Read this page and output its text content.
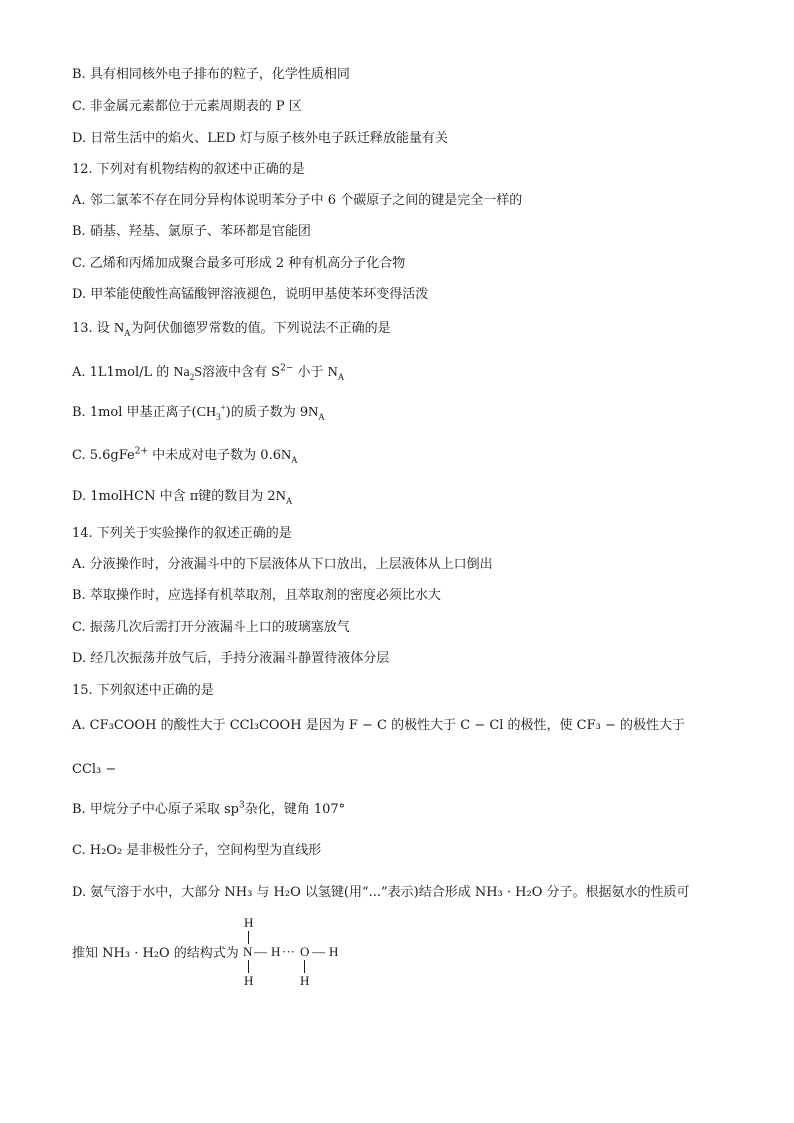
B. 具有相同核外电子排布的粒子，化学性质相同
C. 非金属元素都位于元素周期表的 P 区
D. 日常生活中的焰火、LED 灯与原子核外电子跃迁释放能量有关
12. 下列对有机物结构的叙述中正确的是
A. 邻二氯苯不存在同分异构体说明苯分子中 6 个碳原子之间的键是完全一样的
B. 硝基、羟基、氯原子、苯环都是官能团
C. 乙烯和丙烯加成聚合最多可形成 2 种有机高分子化合物
D. 甲苯能使酸性高锰酸钾溶液褪色，说明甲基使苯环变得活泼
13. 设 $N_A$为阿伏伽德罗常数的值。下列说法不正确的是
A. 1L1mol/L 的 $Na_2S$溶液中含有 $S^{2-}$ 小于 $N_A$
B. 1mol 甲基正离子$(CH_3^+)$的质子数为 $9N_A$
C. 5.6gFe$^{2+}$ 中未成对电子数为 $0.6N_A$
D. 1molHCN 中含 π键的数目为 $2N_A$
14. 下列关于实验操作的叙述正确的是
A. 分液操作时，分液漏斗中的下层液体从下口放出，上层液体从上口倒出
B. 萃取操作时，应选择有机萃取剂，且萃取剂的密度必须比水大
C. 振荡几次后需打开分液漏斗上口的玻璃塞放气
D. 经几次振荡并放气后，手持分液漏斗静置待液体分层
15. 下列叙述中正确的是
A. CF₃COOH 的酸性大于 CCl₃COOH 是因为 F − C 的极性大于 C − Cl 的极性，使 CF₃ − 的极性大于
CCl₃ −
B. 甲烷分子中心原子采取 $sp^3$杂化，键角 107°
C. H₂O₂ 是非极性分子，空间构型为直线形
D. 氨气溶于水中，大部分 NH₃ 与 H₂O 以氢键(用“...”表示)结合形成 NH₃ · H₂O 分子。根据氨水的性质可
推知 NH₃ · H₂O 的结构式为
H
N — H ··· O — H
H	H
